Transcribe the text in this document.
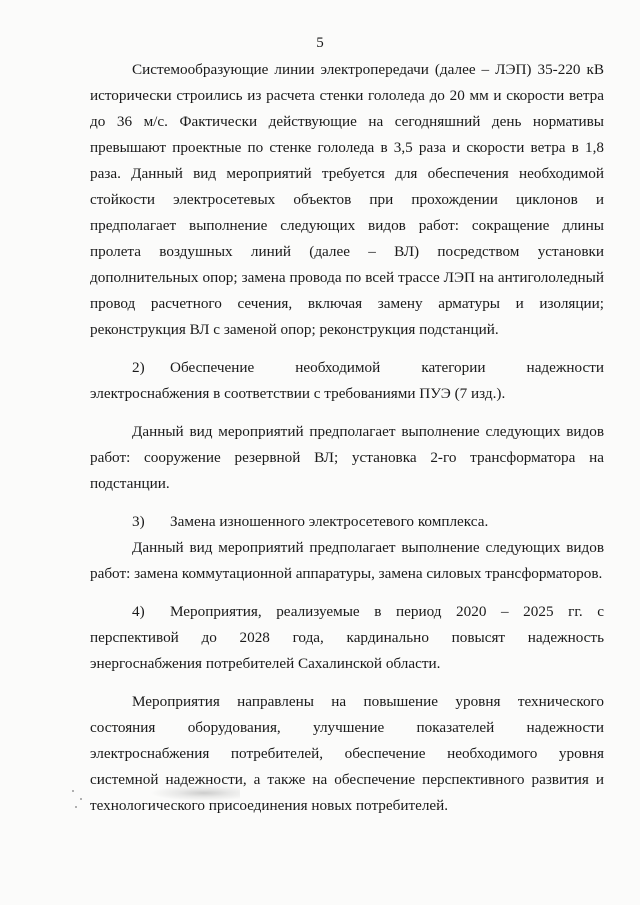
5

Системообразующие линии электропередачи (далее – ЛЭП) 35-220 кВ исторически строились из расчета стенки гололеда до 20 мм и скорости ветра до 36 м/с. Фактически действующие на сегодняшний день нормативы превышают проектные по стенке гололеда в 3,5 раза и скорости ветра в 1,8 раза. Данный вид мероприятий требуется для обеспечения необходимой стойкости электросетевых объектов при прохождении циклонов и предполагает выполнение следующих видов работ: сокращение длины пролета воздушных линий (далее – ВЛ) посредством установки дополнительных опор; замена провода по всей трассе ЛЭП на антигололедный провод расчетного сечения, включая замену арматуры и изоляции; реконструкция ВЛ с заменой опор; реконструкция подстанций.

2) Обеспечение необходимой категории надежности электроснабжения в соответствии с требованиями ПУЭ (7 изд.).

Данный вид мероприятий предполагает выполнение следующих видов работ: сооружение резервной ВЛ; установка 2-го трансформатора на подстанции.

3) Замена изношенного электросетевого комплекса.

Данный вид мероприятий предполагает выполнение следующих видов работ: замена коммутационной аппаратуры, замена силовых трансформаторов.

4) Мероприятия, реализуемые в период 2020 – 2025 гг. с перспективой до 2028 года, кардинально повысят надежность энергоснабжения потребителей Сахалинской области.

Мероприятия направлены на повышение уровня технического состояния оборудования, улучшение показателей надежности электроснабжения потребителей, обеспечение необходимого уровня системной надежности, а также на обеспечение перспективного развития и технологического присоединения новых потребителей.
